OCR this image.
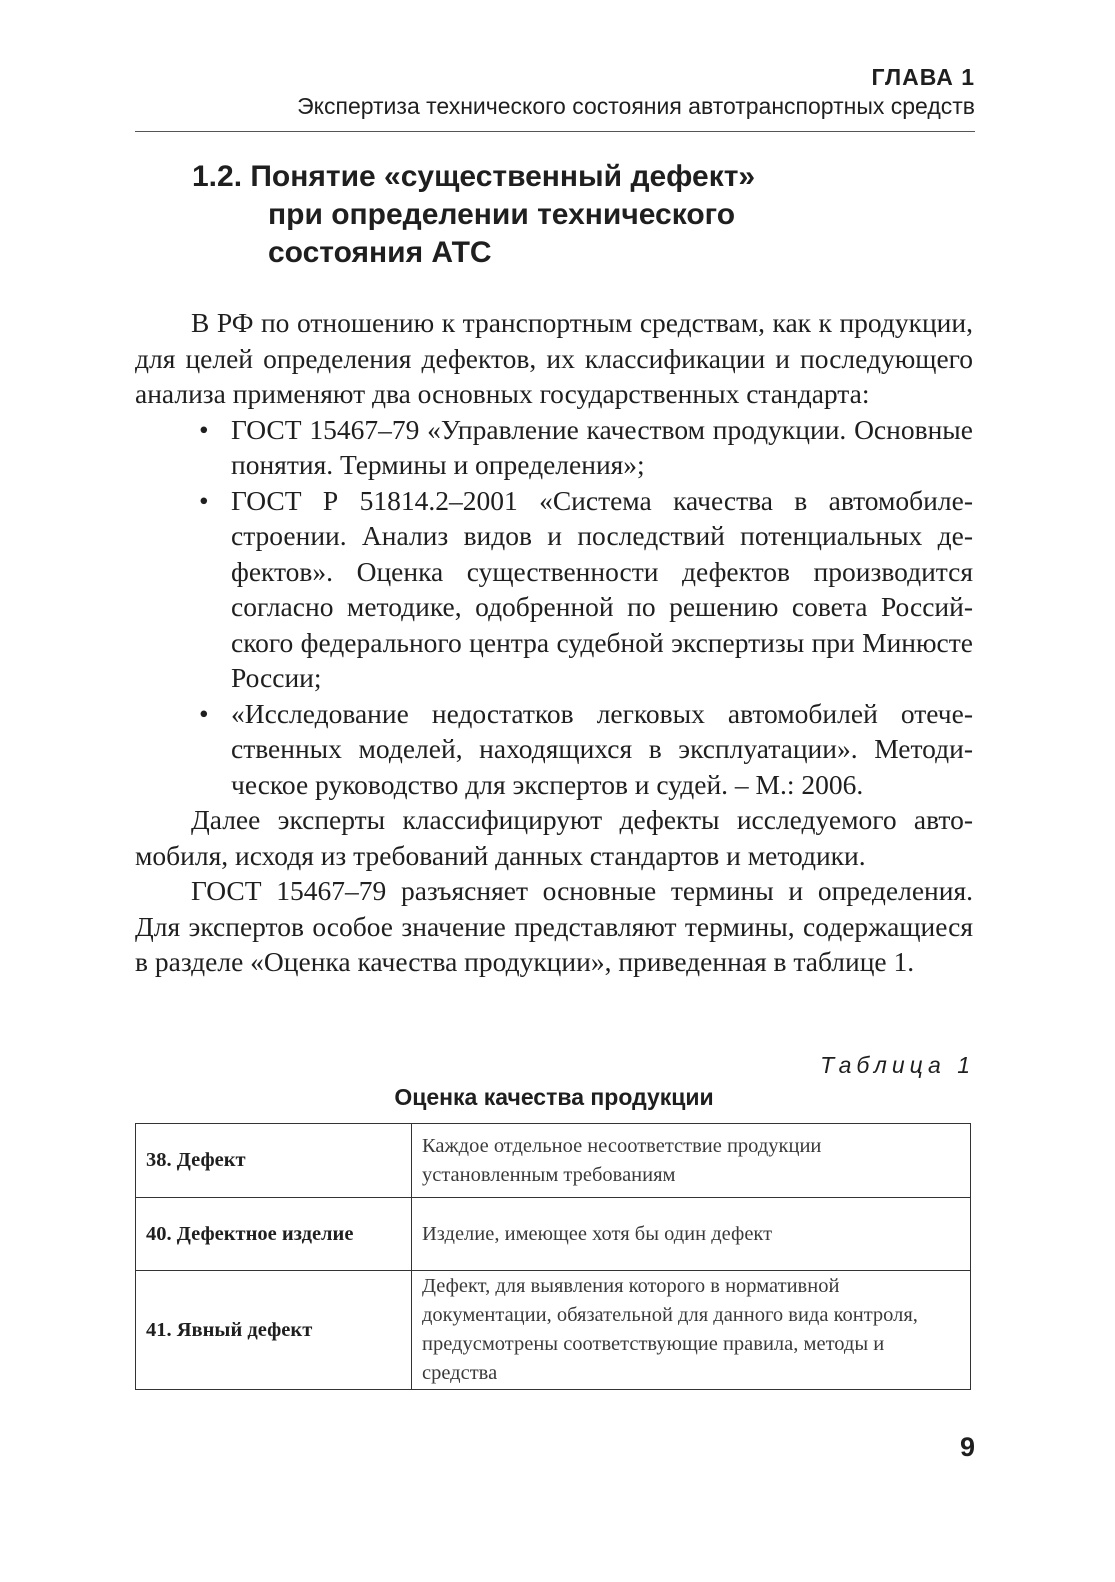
ГЛАВА 1
Экспертиза технического состояния автотранспортных средств
1.2. Понятие «существенный дефект»
при определении технического
состояния АТС

В РФ по отношению к транспортным средствам, как к продукции, для целей определения дефектов, их классификации и последующего анализа применяют два основных государственных стандарта:

• ГОСТ 15467–79 «Управление качеством продукции. Основные понятия. Термины и определения»;
• ГОСТ Р 51814.2–2001 «Система качества в автомобилестроении. Анализ видов и последствий потенциальных дефектов». Оценка существенности дефектов производится согласно методике, одобренной по решению совета Российского федерального центра судебной экспертизы при Минюсте России;
• «Исследование недостатков легковых автомобилей отечественных моделей, находящихся в эксплуатации». Методическое руководство для экспертов и судей. – М.: 2006.

Далее эксперты классифицируют дефекты исследуемого автомобиля, исходя из требований данных стандартов и методики.

ГОСТ 15467–79 разъясняет основные термины и определения. Для экспертов особое значение представляют термины, содержащиеся в разделе «Оценка качества продукции», приведенная в таблице 1.

Таблица 1
Оценка качества продукции
38. Дефект	Каждое отдельное несоответствие продукции установленным требованиям
40. Дефектное изделие	Изделие, имеющее хотя бы один дефект
41. Явный дефект	Дефект, для выявления которого в нормативной документации, обязательной для данного вида контроля, предусмотрены соответствующие правила, методы и средства
9
